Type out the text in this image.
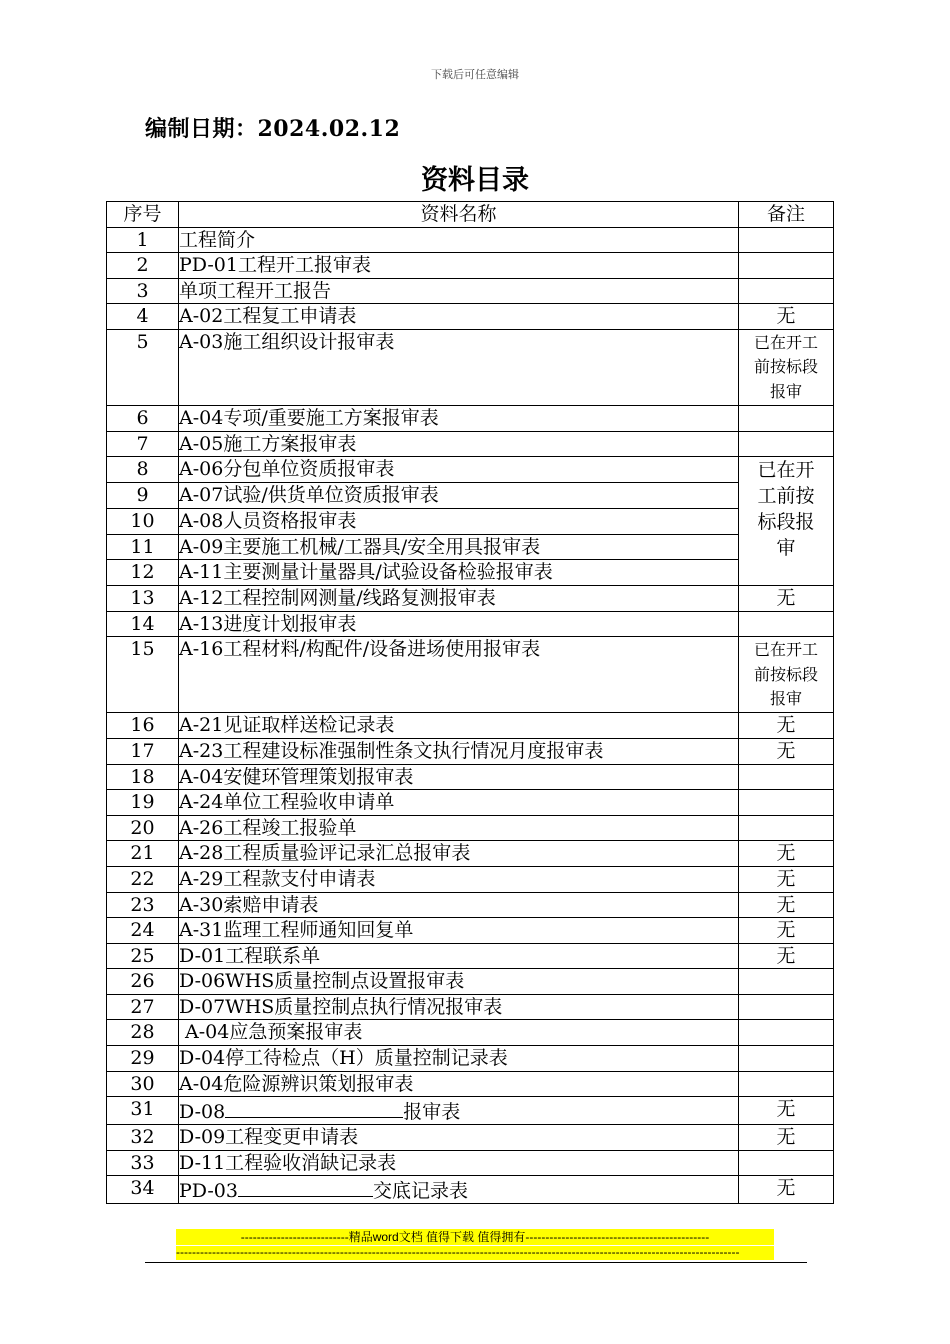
下载后可任意编辑
编制日期：2024.02.12
资料目录
序号	资料名称	备注
1	工程简介	
2	PD-01工程开工报审表	
3	单项工程开工报告	
4	A-02工程复工申请表	无
5	A-03施工组织设计报审表	已在开工
前按标段
报审

6	A-04专项/重要施工方案报审表	
7	A-05施工方案报审表	
8	A-06分包单位资质报审表	已在开
工前按
标段报
审

9	A-07试验/供货单位资质报审表	
10	A-08人员资格报审表	
11	A-09主要施工机械/工器具/安全用具报审表	
12	A-11主要测量计量器具/试验设备检验报审表	
13	A-12工程控制网测量/线路复测报审表	无
14	A-13进度计划报审表	
15	A-16工程材料/构配件/设备进场使用报审表	已在开工
前按标段
报审

16	A-21见证取样送检记录表	无
17	A-23工程建设标准强制性条文执行情况月度报审表	无
18	A-04安健环管理策划报审表	
19	A-24单位工程验收申请单	
20	A-26工程竣工报验单	
21	A-28工程质量验评记录汇总报审表	无
22	A-29工程款支付申请表	无
23	A-30索赔申请表	无
24	A-31监理工程师通知回复单	无
25	D-01工程联系单	无
26	D-06WHS质量控制点设置报审表	
27	D-07WHS质量控制点执行情况报审表	
28	A-04应急预案报审表	
29	D-04停工待检点（H）质量控制记录表	
30	A-04危险源辨识策划报审表	
31	D-08 报审表	无
32	D-09工程变更申请表	无
33	D-11工程验收消缺记录表	
34	PD-03 交底记录表	无
---------------------------精品word文档 值得下载 值得拥有----------------------------------------------
---------------------------------------------------------------------------------------------------------------------------------------------
